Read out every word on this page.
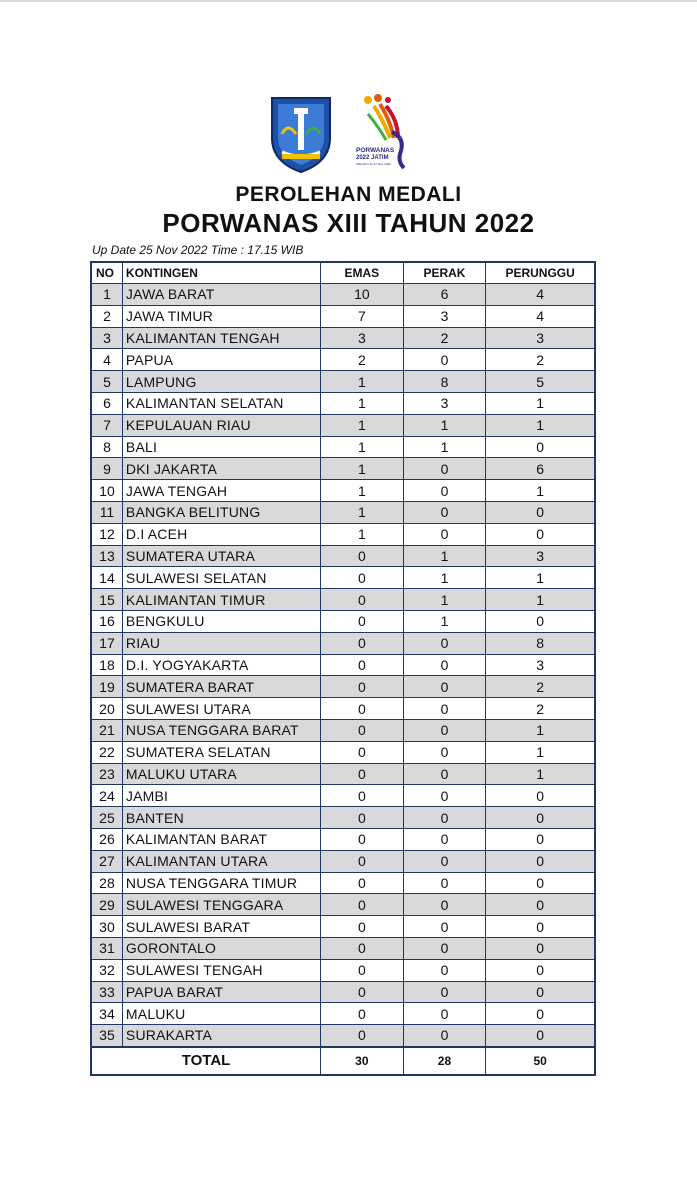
PORWANAS
2022 JATIM
MALANG 21-27 Nov 2022
PEROLEHAN MEDALI
PORWANAS XIII TAHUN 2022
Up Date 25 Nov 2022 Time : 17.15 WIB
NO	KONTINGEN	EMAS	PERAK	PERUNGGU
1	JAWA BARAT	10	6	4
2	JAWA TIMUR	7	3	4
3	KALIMANTAN TENGAH	3	2	3
4	PAPUA	2	0	2
5	LAMPUNG	1	8	5
6	KALIMANTAN SELATAN	1	3	1
7	KEPULAUAN RIAU	1	1	1
8	BALI	1	1	0
9	DKI JAKARTA	1	0	6
10	JAWA TENGAH	1	0	1
11	BANGKA BELITUNG	1	0	0
12	D.I ACEH	1	0	0
13	SUMATERA UTARA	0	1	3
14	SULAWESI SELATAN	0	1	1
15	KALIMANTAN TIMUR	0	1	1
16	BENGKULU	0	1	0
17	RIAU	0	0	8
18	D.I. YOGYAKARTA	0	0	3
19	SUMATERA BARAT	0	0	2
20	SULAWESI UTARA	0	0	2
21	NUSA TENGGARA BARAT	0	0	1
22	SUMATERA SELATAN	0	0	1
23	MALUKU UTARA	0	0	1
24	JAMBI	0	0	0
25	BANTEN	0	0	0
26	KALIMANTAN BARAT	0	0	0
27	KALIMANTAN UTARA	0	0	0
28	NUSA TENGGARA TIMUR	0	0	0
29	SULAWESI TENGGARA	0	0	0
30	SULAWESI BARAT	0	0	0
31	GORONTALO	0	0	0
32	SULAWESI TENGAH	0	0	0
33	PAPUA BARAT	0	0	0
34	MALUKU	0	0	0
35	SURAKARTA	0	0	0
TOTAL		30	28	50
